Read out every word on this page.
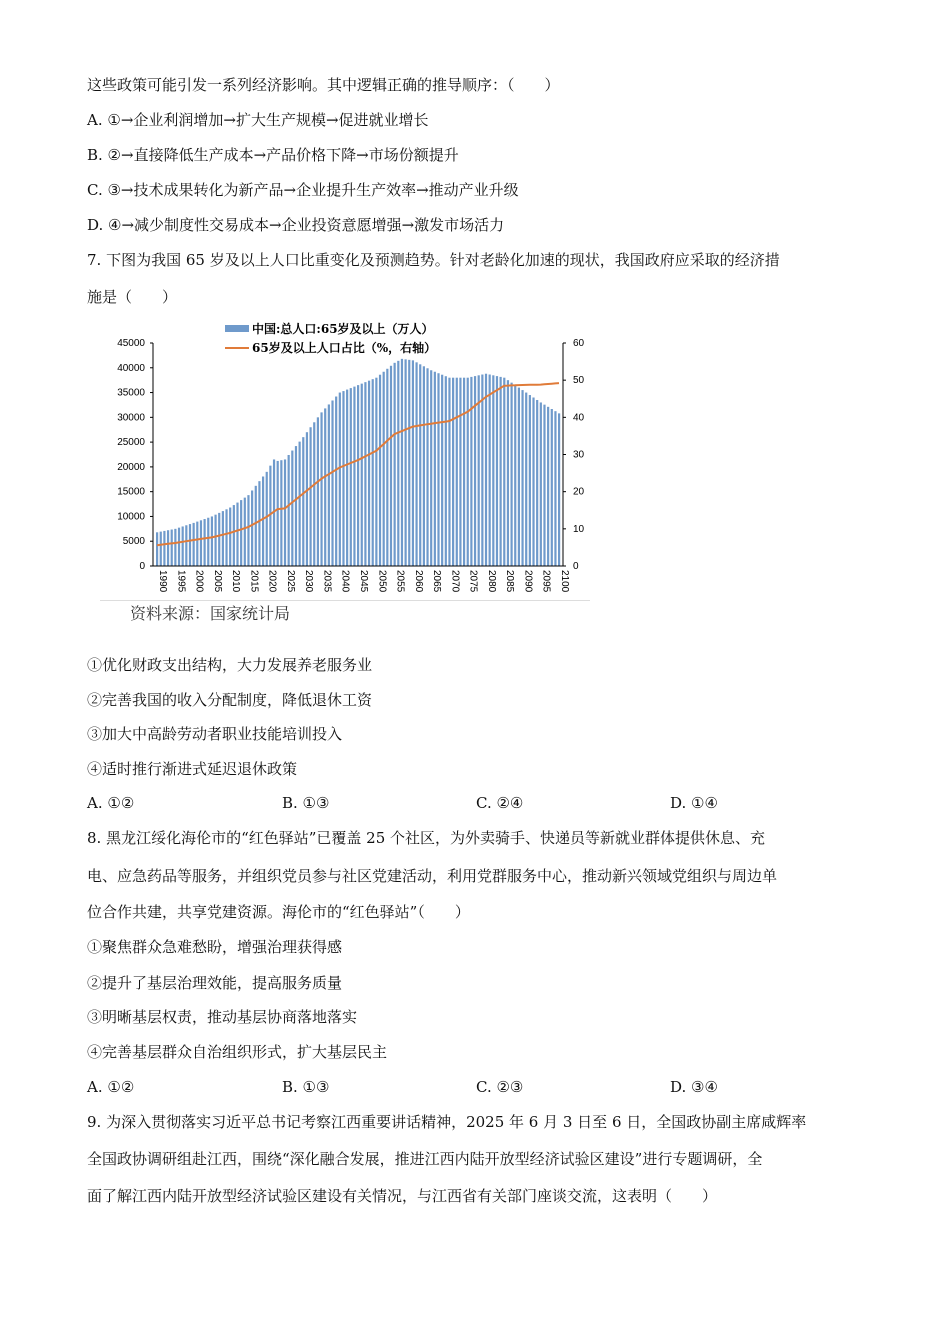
45000
40000
35000
30000
25000
20000
15000
10000
5000
0
60
50
40
30
20
10
0
1990 1995 2000 2005 2010 2015 2020 2025 2030 2035 2040 2045 2050 2055 2060 2065 2070 2075 2080 2085 2090 2095 2100
中国:总人口:65岁及以上（万人）
65岁及以上人口占比（%，右轴）
资料来源：国家统计局
这些政策可能引发一系列经济影响。其中逻辑正确的推导顺序：（　　）
A. ①→企业利润增加→扩大生产规模→促进就业增长
B. ②→直接降低生产成本→产品价格下降→市场份额提升
C. ③→技术成果转化为新产品→企业提升生产效率→推动产业升级
D. ④→减少制度性交易成本→企业投资意愿增强→激发市场活力
7. 下图为我国 65 岁及以上人口比重变化及预测趋势。针对老龄化加速的现状，我国政府应采取的经济措
施是（　　）
①优化财政支出结构，大力发展养老服务业
②完善我国的收入分配制度，降低退休工资
③加大中高龄劳动者职业技能培训投入
④适时推行渐进式延迟退休政策
A. ①②	B. ①③	C. ②④	D. ①④
8. 黑龙江绥化海伦市的“红色驿站”已覆盖 25 个社区，为外卖骑手、快递员等新就业群体提供休息、充
电、应急药品等服务，并组织党员参与社区党建活动，利用党群服务中心，推动新兴领域党组织与周边单
位合作共建，共享党建资源。海伦市的“红色驿站”（　　）
①聚焦群众急难愁盼，增强治理获得感
②提升了基层治理效能，提高服务质量
③明晰基层权责，推动基层协商落地落实
④完善基层群众自治组织形式，扩大基层民主
A. ①②	B. ①③	C. ②③	D. ③④
9. 为深入贯彻落实习近平总书记考察江西重要讲话精神，2025 年 6 月 3 日至 6 日，全国政协副主席咸辉率
全国政协调研组赴江西，围绕“深化融合发展，推进江西内陆开放型经济试验区建设”进行专题调研，全
面了解江西内陆开放型经济试验区建设有关情况，与江西省有关部门座谈交流，这表明（　　）
